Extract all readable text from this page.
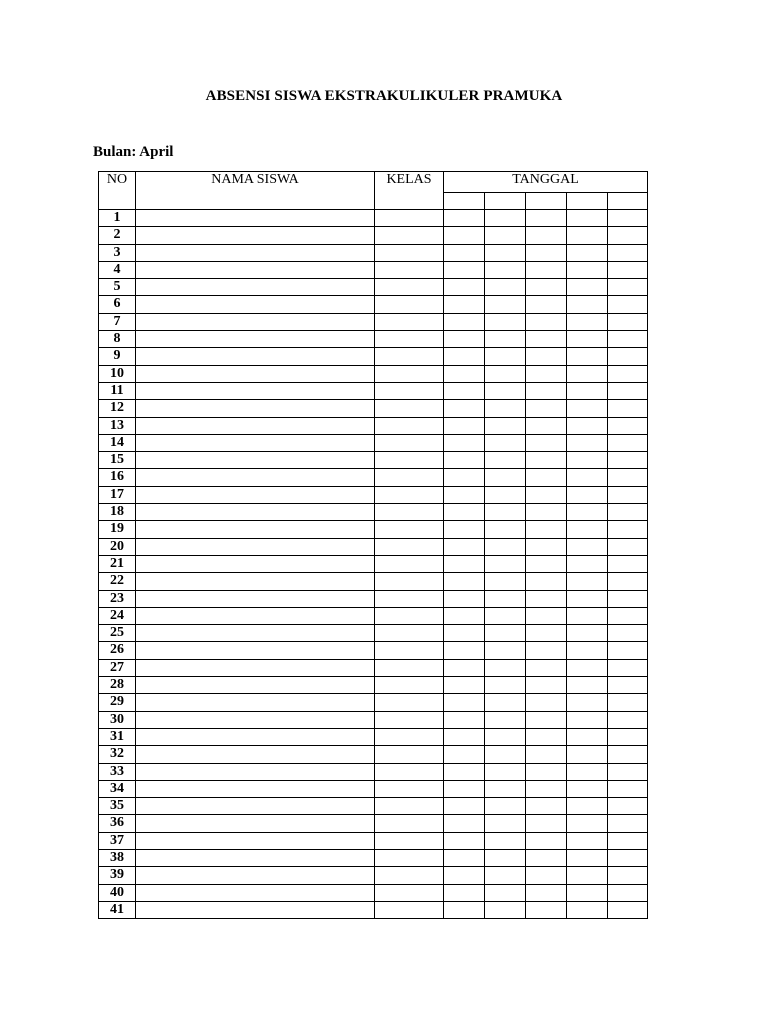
ABSENSI SISWA EKSTRAKULIKULER PRAMUKA
Bulan: April
NO	NAMA SISWA	KELAS	TANGGAL				

1							
2							
3							
4							
5							
6							
7							
8							
9							
10							
11							
12							
13							
14							
15							
16							
17							
18							
19							
20							
21							
22							
23							
24							
25							
26							
27							
28							
29							
30							
31							
32							
33							
34							
35							
36							
37							
38							
39							
40							
41							
